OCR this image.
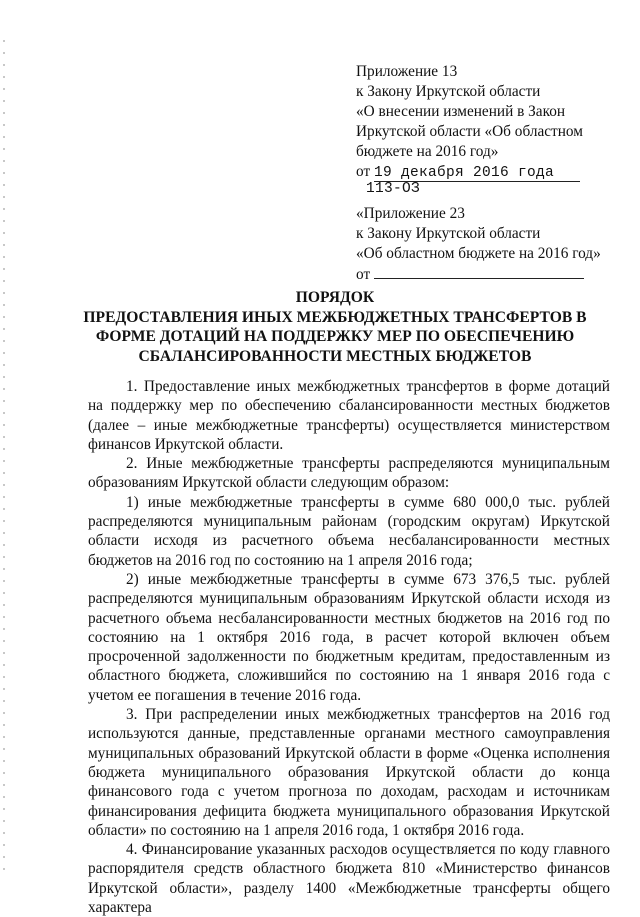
Приложение 13
к Закону Иркутской области
«О внесении изменений в Закон
Иркутской области «Об областном
бюджете на 2016 год»
от 19 декабря 2016 года
113-ОЗ
«Приложение 23
к Закону Иркутской области
«Об областном бюджете на 2016 год»
от
ПОРЯДОК
ПРЕДОСТАВЛЕНИЯ ИНЫХ МЕЖБЮДЖЕТНЫХ ТРАНСФЕРТОВ В
ФОРМЕ ДОТАЦИЙ НА ПОДДЕРЖКУ МЕР ПО ОБЕСПЕЧЕНИЮ
СБАЛАНСИРОВАННОСТИ МЕСТНЫХ БЮДЖЕТОВ

1. Предоставление иных межбюджетных трансфертов в форме дотаций на поддержку мер по обеспечению сбалансированности местных бюджетов (далее – иные межбюджетные трансферты) осуществляется министерством финансов Иркутской области.

2. Иные межбюджетные трансферты распределяются муниципальным образованиям Иркутской области следующим образом:

1) иные межбюджетные трансферты в сумме 680 000,0 тыс. рублей распределяются муниципальным районам (городским округам) Иркутской области исходя из расчетного объема несбалансированности местных бюджетов на 2016 год по состоянию на 1 апреля 2016 года;

2) иные межбюджетные трансферты в сумме 673 376,5 тыс. рублей распределяются муниципальным образованиям Иркутской области исходя из расчетного объема несбалансированности местных бюджетов на 2016 год по состоянию на 1 октября 2016 года, в расчет которой включен объем просроченной задолженности по бюджетным кредитам, предоставленным из областного бюджета, сложившийся по состоянию на 1 января 2016 года с учетом ее погашения в течение 2016 года.

3. При распределении иных межбюджетных трансфертов на 2016 год используются данные, представленные органами местного самоуправления муниципальных образований Иркутской области в форме «Оценка исполнения бюджета муниципального образования Иркутской области до конца финансового года с учетом прогноза по доходам, расходам и источникам финансирования дефицита бюджета муниципального образования Иркутской области» по состоянию на 1 апреля 2016 года, 1 октября 2016 года.

4. Финансирование указанных расходов осуществляется по коду главного распорядителя средств областного бюджета 810 «Министерство финансов Иркутской области», разделу 1400 «Межбюджетные трансферты общего характера
